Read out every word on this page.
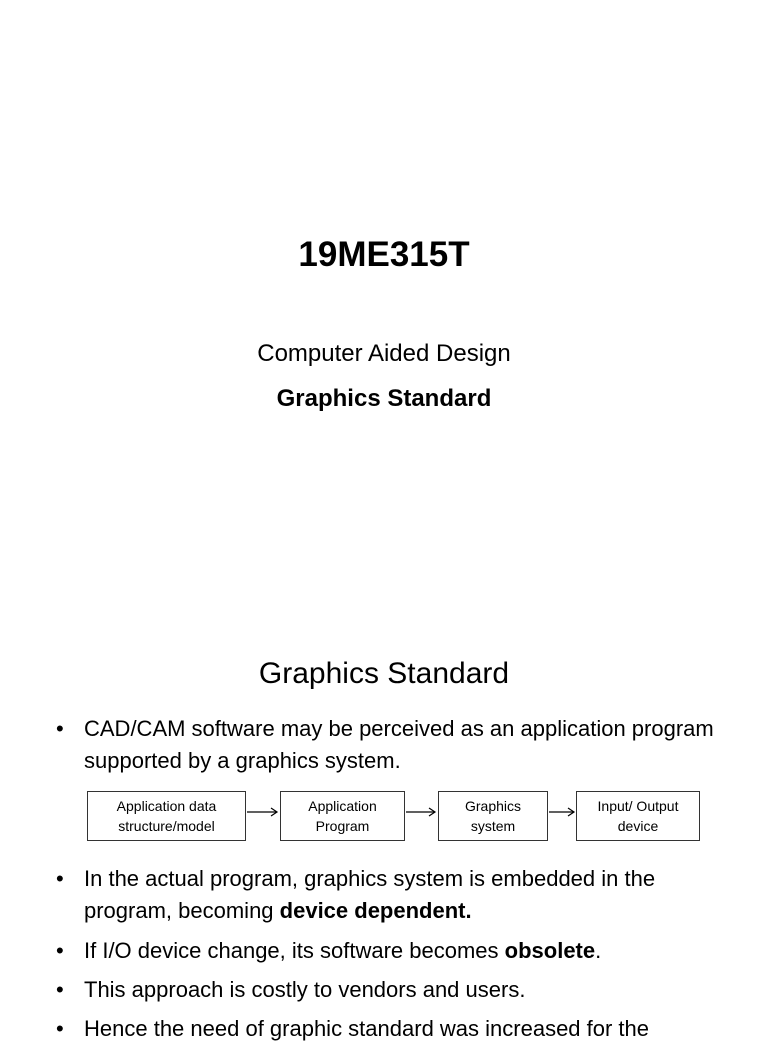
19ME315T
Computer Aided Design
Graphics Standard
Graphics Standard
• CAD/CAM software may be perceived as an application program supported by a graphics system.
Application data
structure/model
Application
Program
Graphics
system
Input/ Output
device
• In the actual program, graphics system is embedded in the program, becoming device dependent.
• If I/O device change, its software becomes obsolete.
• This approach is costly to vendors and users.
• Hence the need of graphic standard was increased for the
